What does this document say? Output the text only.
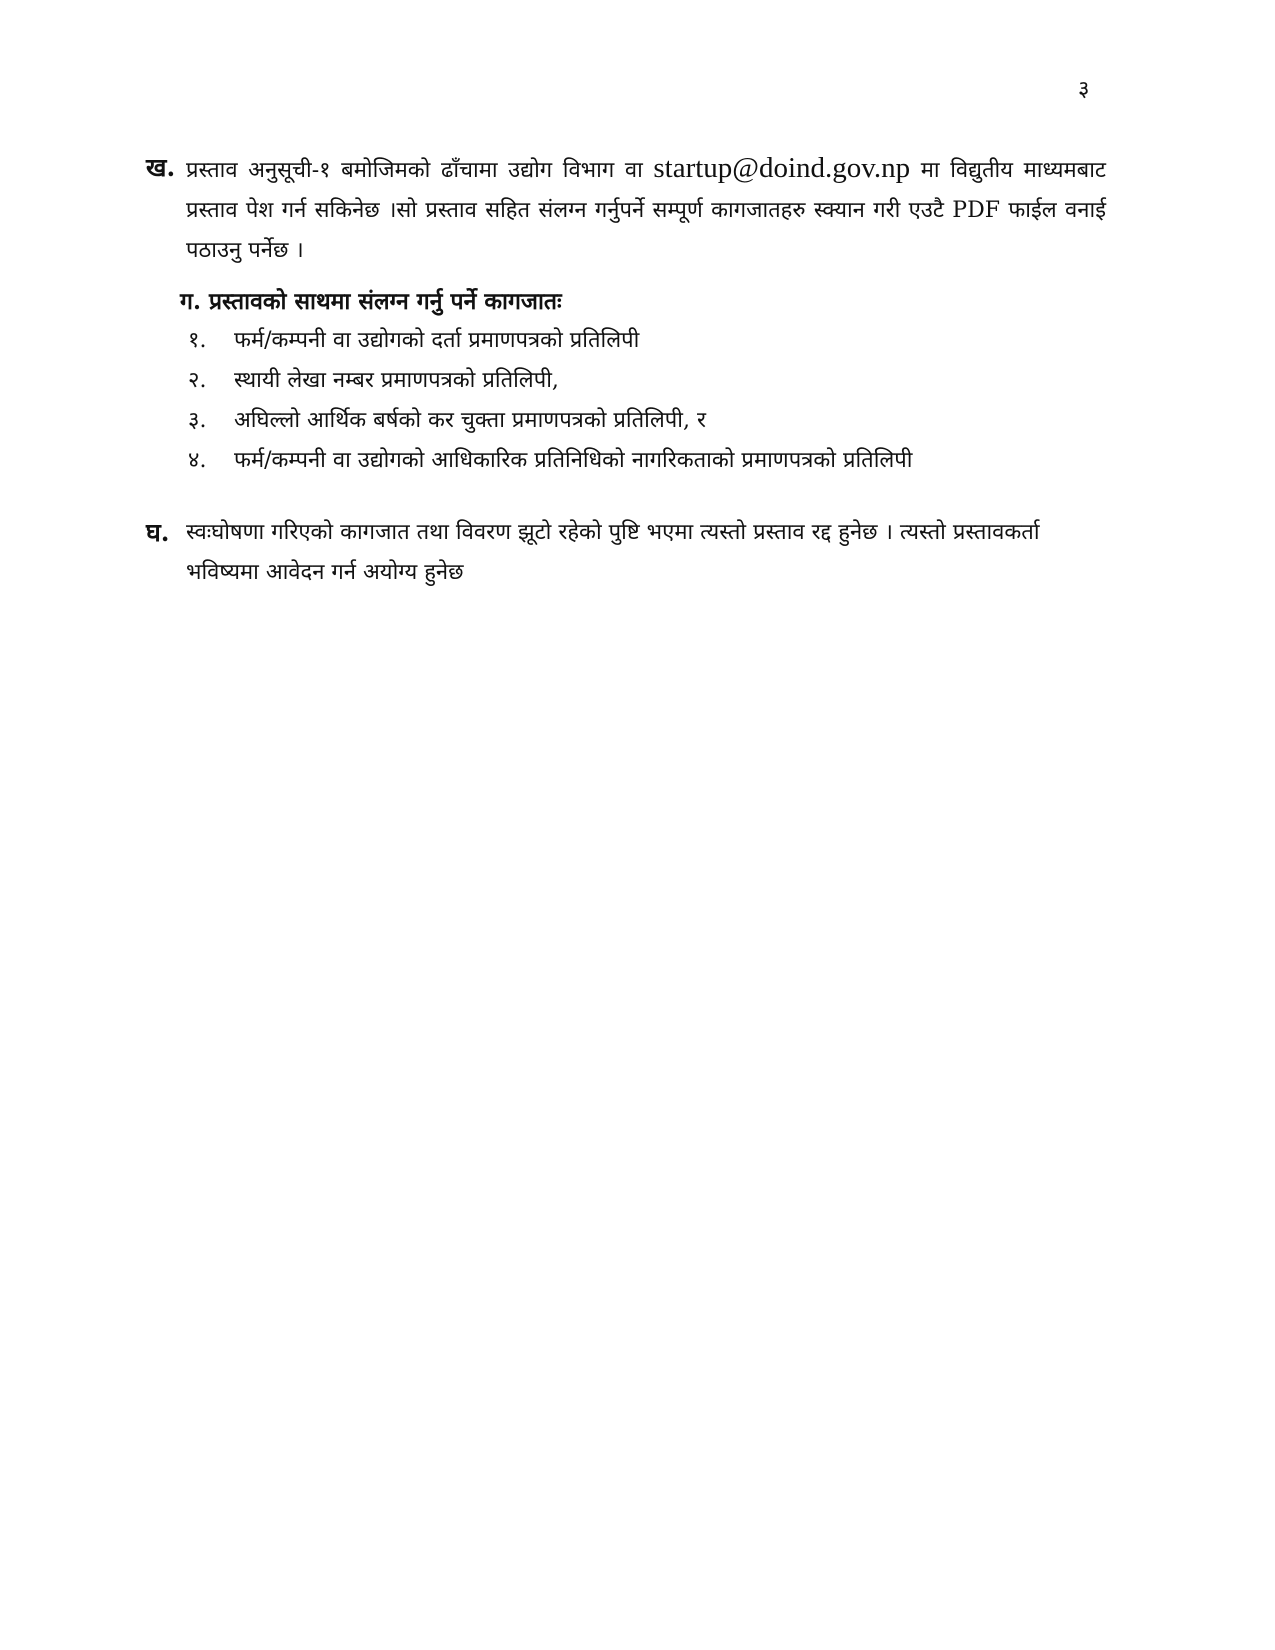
३
ख. प्रस्ताव अनुसूची-१ बमोजिमको ढाँचामा उद्योग विभाग वा startup@doind.gov.np मा विद्युतीय माध्यमबाट प्रस्ताव पेश गर्न सकिनेछ ।सो प्रस्ताव सहित संलग्न गर्नुपर्ने सम्पूर्ण कागजातहरु स्क्यान गरी एउटै PDF फाईल वनाई पठाउनु पर्नेछ ।

ग. प्रस्तावको साथमा संलग्न गर्नु पर्ने कागजातः
१.	फर्म/कम्पनी वा उद्योगको दर्ता प्रमाणपत्रको प्रतिलिपी
२.	स्थायी लेखा नम्बर प्रमाणपत्रको प्रतिलिपी,
३.	अघिल्लो आर्थिक बर्षको कर चुक्ता प्रमाणपत्रको प्रतिलिपी, र
४.	फर्म/कम्पनी वा उद्योगको आधिकारिक प्रतिनिधिको नागरिकताको प्रमाणपत्रको प्रतिलिपी
घ. स्वःघोषणा गरिएको कागजात तथा विवरण झूटो रहेको पुष्टि भएमा त्यस्तो प्रस्ताव रद्द हुनेछ । त्यस्तो प्रस्तावकर्ता भविष्यमा आवेदन गर्न अयोग्य हुनेछ
